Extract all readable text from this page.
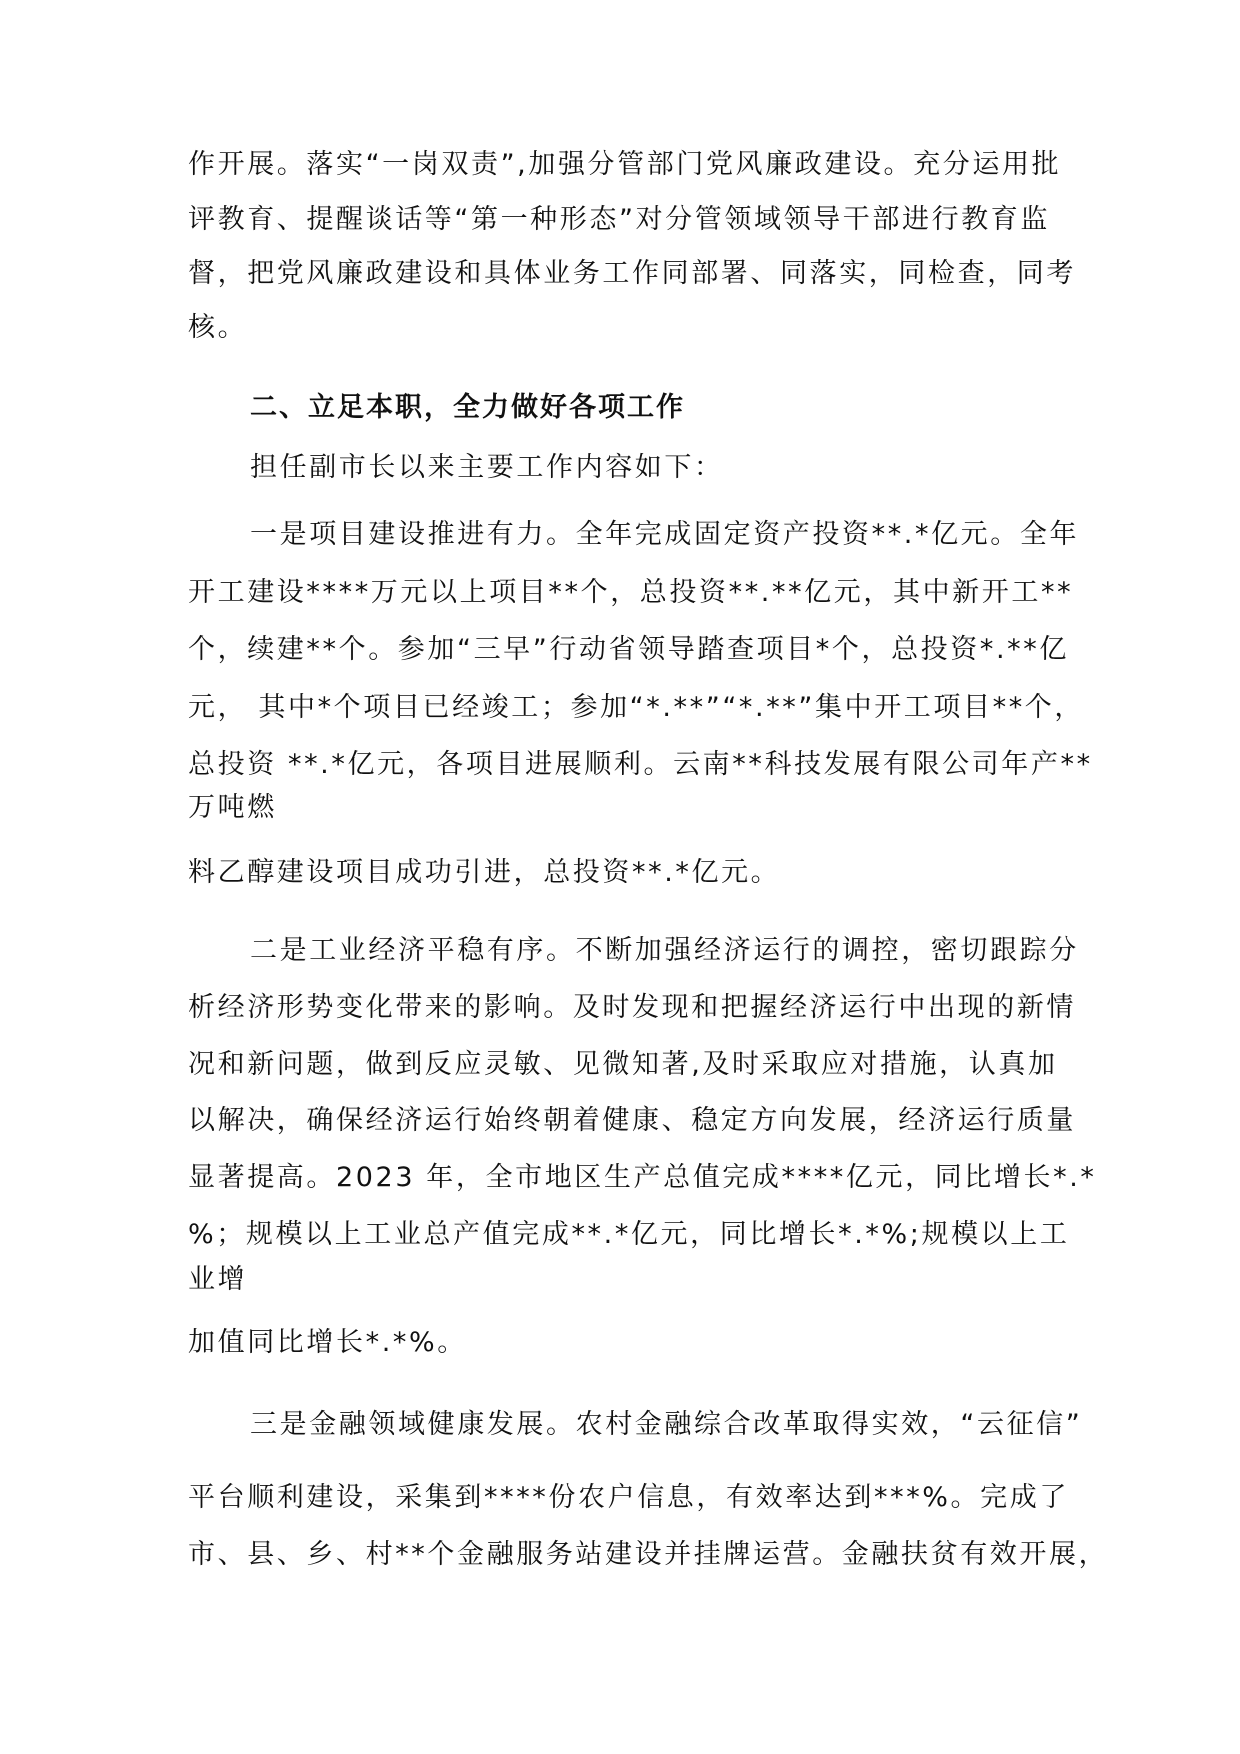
作开展。落实“一岗双责”,加强分管部门党风廉政建设。充分运用批
评教育、提醒谈话等“第一种形态”对分管领域领导干部进行教育监
督，把党风廉政建设和具体业务工作同部署、同落实，同检查，同考
核。
二、立足本职，全力做好各项工作
担任副市长以来主要工作内容如下：
一是项目建设推进有力。全年完成固定资产投资**.*亿元。全年
开工建设****万元以上项目**个，总投资**.**亿元，其中新开工**
个，续建**个。参加“三早”行动省领导踏查项目*个，总投资*.**亿
元， 其中*个项目已经竣工；参加“*.**”“*.**”集中开工项目**个，
总投资 **.*亿元，各项目进展顺利。云南**科技发展有限公司年产**
万吨燃
料乙醇建设项目成功引进，总投资**.*亿元。
二是工业经济平稳有序。不断加强经济运行的调控，密切跟踪分
析经济形势变化带来的影响。及时发现和把握经济运行中出现的新情
况和新问题，做到反应灵敏、见微知著,及时采取应对措施，认真加
以解决，确保经济运行始终朝着健康、稳定方向发展，经济运行质量
显著提高。2023 年，全市地区生产总值完成****亿元，同比增长*.*
%；规模以上工业总产值完成**.*亿元，同比增长*.*%;规模以上工
业增
加值同比增长*.*%。
三是金融领域健康发展。农村金融综合改革取得实效，“云征信”
平台顺利建设，采集到****份农户信息，有效率达到***%。完成了
市、县、乡、村**个金融服务站建设并挂牌运营。金融扶贫有效开展，
